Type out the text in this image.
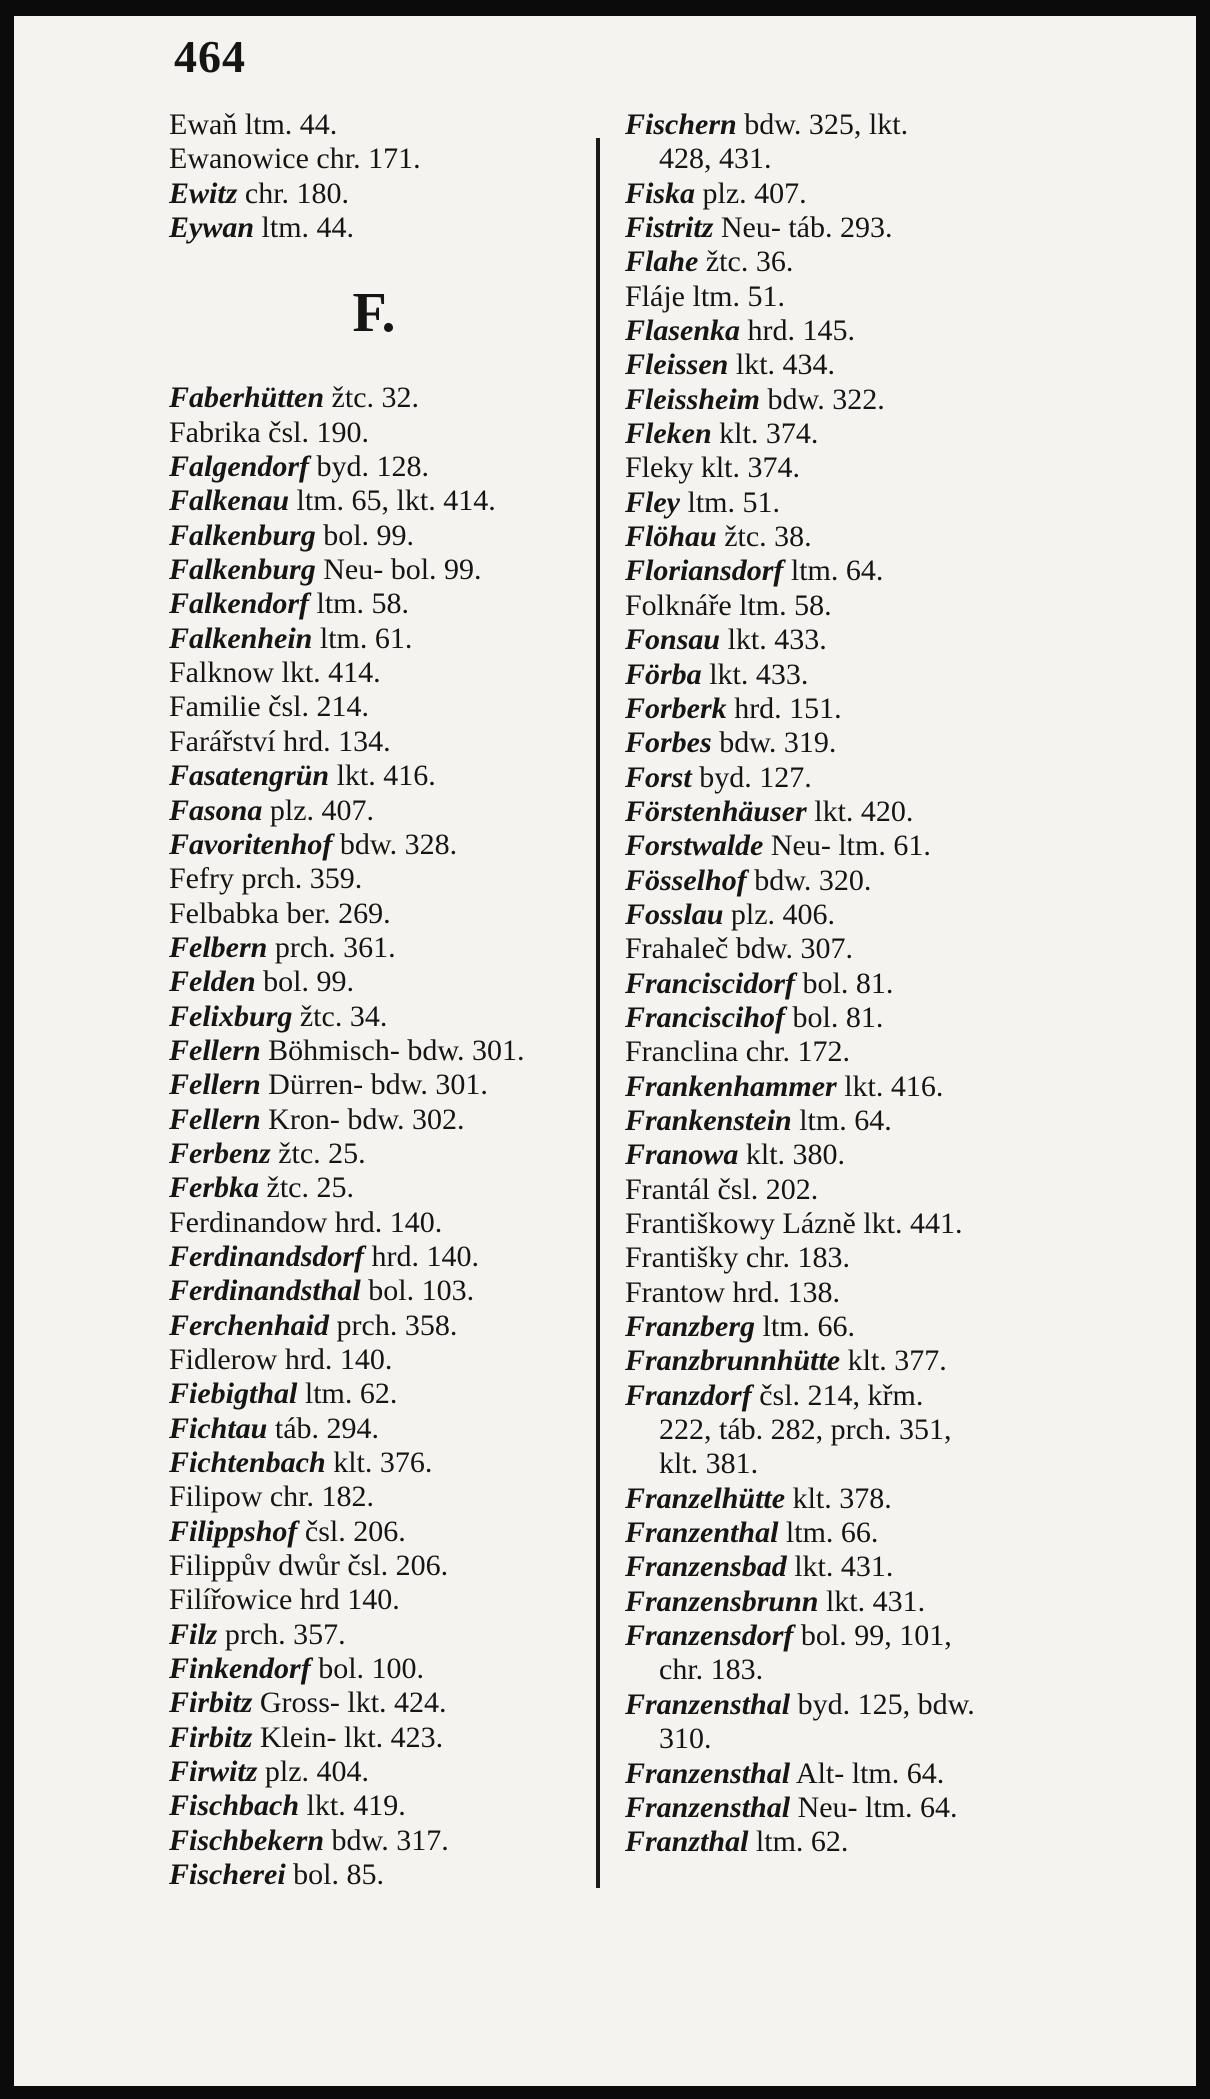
464
Ewaň ltm. 44.
Ewanowice chr. 171.
Ewitz chr. 180.
Eywan ltm. 44.
F.
Faberhütten žtc. 32.
Fabrika čsl. 190.
Falgendorf byd. 128.
Falkenau ltm. 65, lkt. 414.
Falkenburg bol. 99.
Falkenburg Neu- bol. 99.
Falkendorf ltm. 58.
Falkenhein ltm. 61.
Falknow lkt. 414.
Familie čsl. 214.
Farářství hrd. 134.
Fasatengrün lkt. 416.
Fasona plz. 407.
Favoritenhof bdw. 328.
Fefry prch. 359.
Felbabka ber. 269.
Felbern prch. 361.
Felden bol. 99.
Felixburg žtc. 34.
Fellern Böhmisch- bdw. 301.
Fellern Dürren- bdw. 301.
Fellern Kron- bdw. 302.
Ferbenz žtc. 25.
Ferbka žtc. 25.
Ferdinandow hrd. 140.
Ferdinandsdorf hrd. 140.
Ferdinandsthal bol. 103.
Ferchenhaid prch. 358.
Fidlerow hrd. 140.
Fiebigthal ltm. 62.
Fichtau táb. 294.
Fichtenbach klt. 376.
Filipow chr. 182.
Filippshof čsl. 206.
Filippův dwůr čsl. 206.
Filířowice hrd 140.
Filz prch. 357.
Finkendorf bol. 100.
Firbitz Gross- lkt. 424.
Firbitz Klein- lkt. 423.
Firwitz plz. 404.
Fischbach lkt. 419.
Fischbekern bdw. 317.
Fischerei bol. 85.
Fischern bdw. 325, lkt.
428, 431.
Fiska plz. 407.
Fistritz Neu- táb. 293.
Flahe žtc. 36.
Fláje ltm. 51.
Flasenka hrd. 145.
Fleissen lkt. 434.
Fleissheim bdw. 322.
Fleken klt. 374.
Fleky klt. 374.
Fley ltm. 51.
Flöhau žtc. 38.
Floriansdorf ltm. 64.
Folknáře ltm. 58.
Fonsau lkt. 433.
Förba lkt. 433.
Forberk hrd. 151.
Forbes bdw. 319.
Forst byd. 127.
Förstenhäuser lkt. 420.
Forstwalde Neu- ltm. 61.
Fösselhof bdw. 320.
Fosslau plz. 406.
Frahaleč bdw. 307.
Franciscidorf bol. 81.
Franciscihof bol. 81.
Franclina chr. 172.
Frankenhammer lkt. 416.
Frankenstein ltm. 64.
Franowa klt. 380.
Frantál čsl. 202.
Františkowy Lázně lkt. 441.
Františky chr. 183.
Frantow hrd. 138.
Franzberg ltm. 66.
Franzbrunnhütte klt. 377.
Franzdorf čsl. 214, křm.
222, táb. 282, prch. 351,
klt. 381.
Franzelhütte klt. 378.
Franzenthal ltm. 66.
Franzensbad lkt. 431.
Franzensbrunn lkt. 431.
Franzensdorf bol. 99, 101,
chr. 183.
Franzensthal byd. 125, bdw.
310.
Franzensthal Alt- ltm. 64.
Franzensthal Neu- ltm. 64.
Franzthal ltm. 62.
